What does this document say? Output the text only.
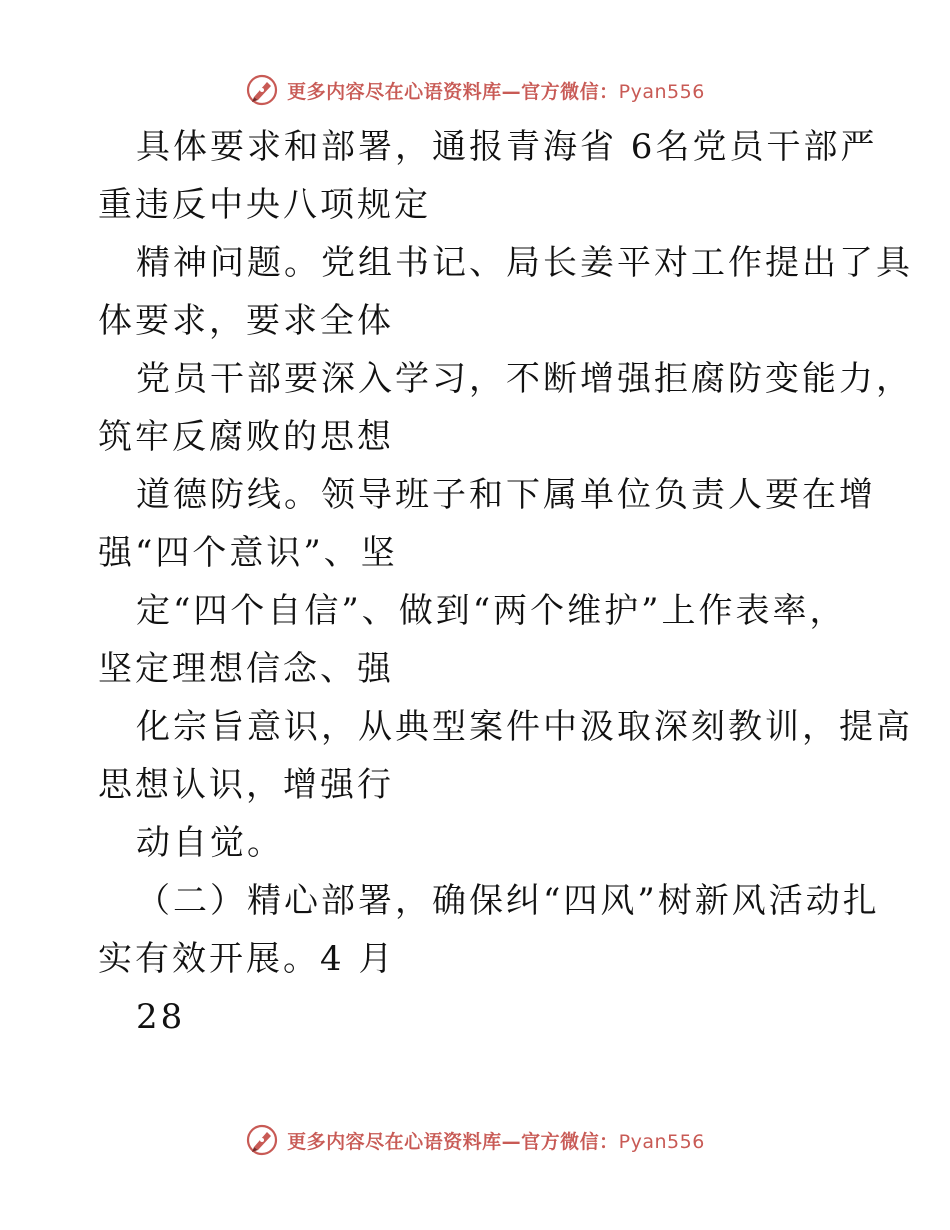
更多内容尽在心语资料库—官方微信：Pyan556
具体要求和部署，通报青海省 6名党员干部严
重违反中央八项规定
精神问题。党组书记、局长姜平对工作提出了具
体要求，要求全体
党员干部要深入学习，不断增强拒腐防变能力，
筑牢反腐败的思想
道德防线。领导班子和下属单位负责人要在增
强“四个意识”、坚
定“四个自信”、做到“两个维护”上作表率，
坚定理想信念、强
化宗旨意识，从典型案件中汲取深刻教训，提高
思想认识，增强行
动自觉。
（二）精心部署，确保纠“四风”树新风活动扎
实有效开展。4 月
28
更多内容尽在心语资料库—官方微信：Pyan556
